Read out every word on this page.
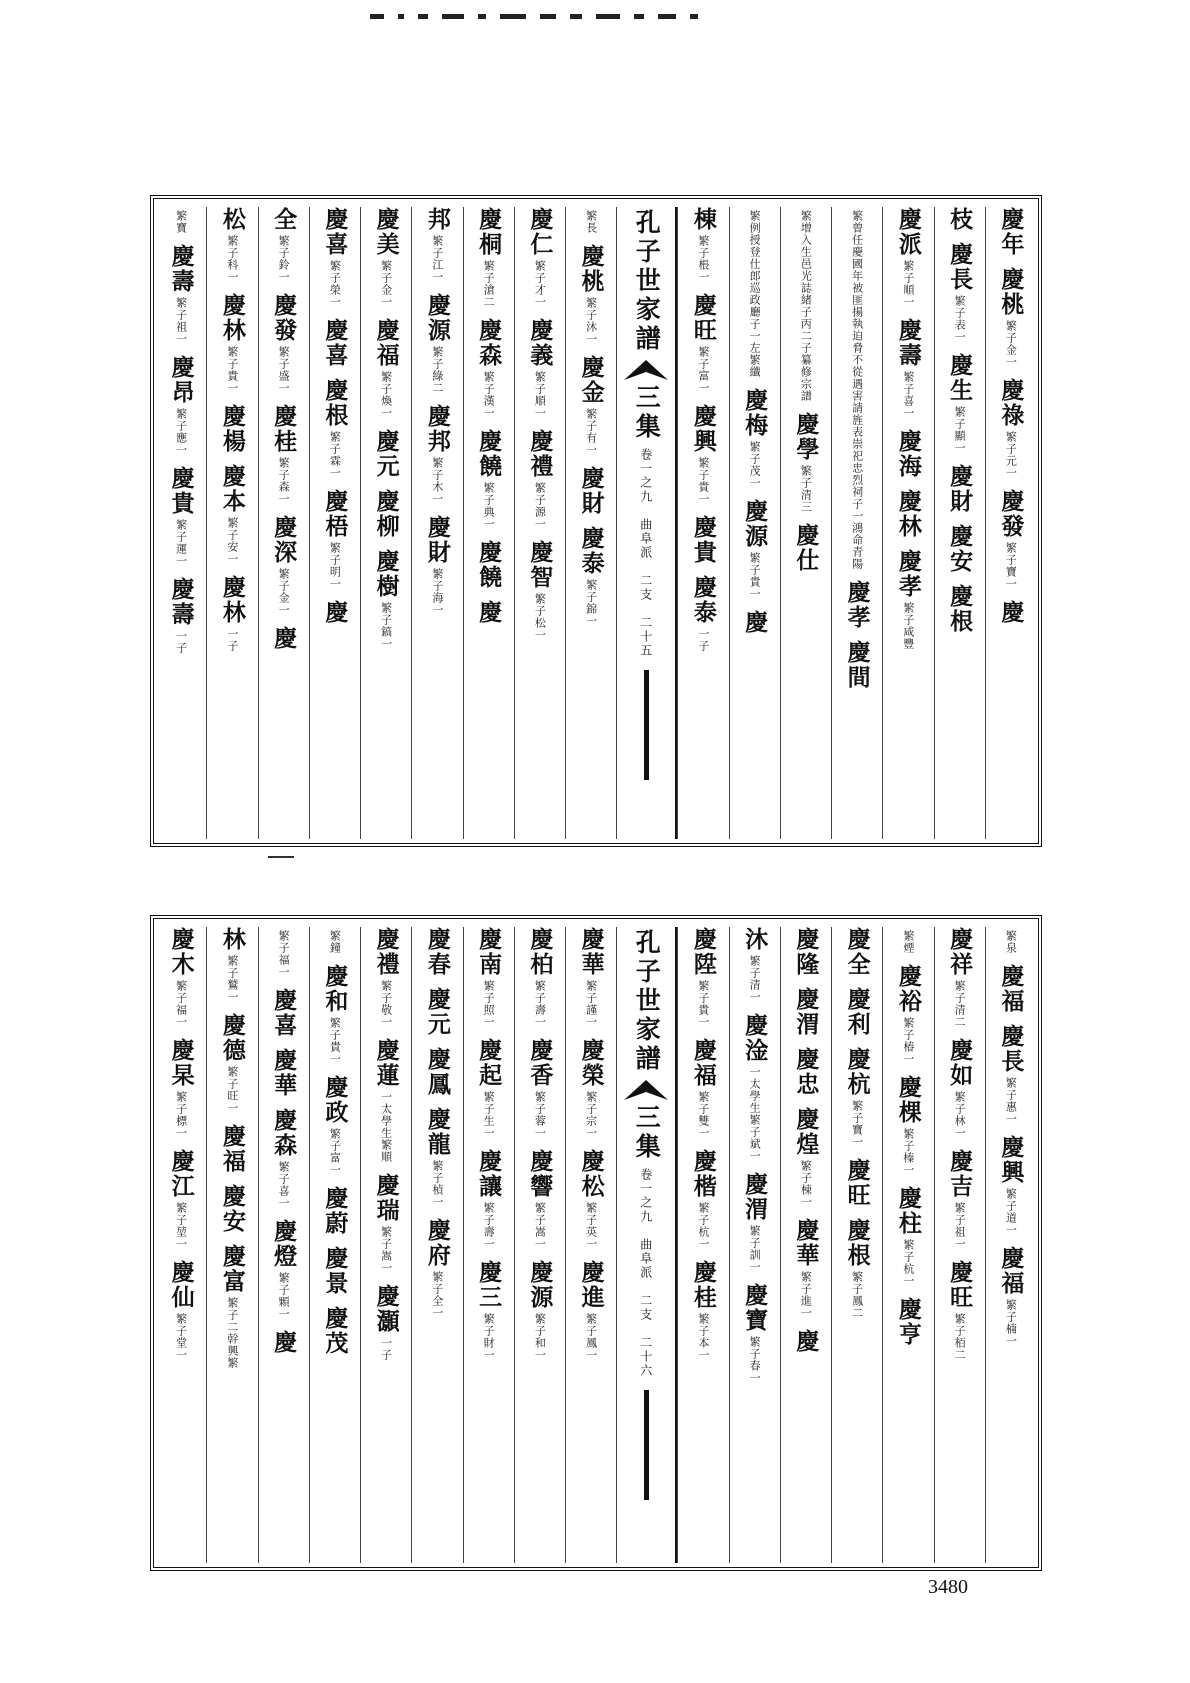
慶年
慶桃
繁子金一
慶祿
繁子元一
慶發
繁子寶一
慶
枝
慶長
繁子表一
慶生
繁子顯一
慶財
慶安
慶根
慶派
繁子順一
慶壽
繁子喜一
慶海
慶林
慶孝
繁子咸豐
繁曾任慶國年被匪揚執迫脅不從遇害請旌表崇祀忠烈祠子一鴻命青陽
慶孝
慶間
繁增入生邑光誌緒子丙二子纂修宗譜
慶學
繁子清三
慶仕
繁例授登仕郎巡政廳子一左繁纖
慶梅
繁子茂一
慶源
繁子貴一
慶
棟
繁子棖一
慶旺
繁子富一
慶興
繁子貴一
慶貴
慶泰
一子
孔子世家譜
三集
卷一之九　曲阜派　二支　二十五
繁長
慶桃
繁子沐一
慶金
繁子有一
慶財
慶泰
繁子錦一
慶仁
繁子才一
慶義
繁子順一
慶禮
繁子源一
慶智
繁子松一
慶桐
繁子滄二
慶森
繁子漢一
慶饒
繁子典一
慶饒
慶
邦
繁子江一
慶源
繁子綠二
慶邦
繁子木一
慶財
繁子海一
慶美
繁子金一
慶福
繁子煥一
慶元
慶柳
慶樹
繁子鎬一
慶喜
繁子榮一
慶喜
慶根
繁子霖一
慶梧
繁子明一
慶
全
繁子鈴一
慶發
繁子盛一
慶桂
繁子森一
慶深
繁子金一
慶
松
繁子科一
慶林
繁子貴一
慶楊
慶本
繁子安一
慶林
一子
繁寶
慶壽
繁子祖一
慶昂
繁子應一
慶貴
繁子運一
慶壽
一子
繁泉
慶福
慶長
繁子惠一
慶興
繁子道一
慶福
繁子楠一
慶祥
繁子清二
慶如
繁子林一
慶吉
繁子祖一
慶旺
繁子栢二
繁煙
慶裕
繁子椿一
慶棵
繁子榛一
慶柱
繁子杭一
慶亨
慶全
慶利
慶杭
繁子寶一
慶旺
慶根
繁子鳳二
慶隆
慶渭
慶忠
慶煌
繁子棟一
慶華
繁子進一
慶
沐
繁子清一
慶淦
一太學生繁子斌一
慶渭
繁子訓一
慶寶
繁子春一
慶陞
繁子貴一
慶福
繁子雙一
慶楷
繁子杭一
慶桂
繁子本一
孔子世家譜
三集
卷一之九　曲阜派　二支　二十六
慶華
繁子謹一
慶榮
繁子宗一
慶松
繁子英一
慶進
繁子鳳一
慶柏
繁子壽一
慶香
繁子蓉一
慶響
繁子嵩一
慶源
繁子和一
慶南
繁子照一
慶起
繁子生一
慶讓
繁子壽一
慶三
繁子財一
慶春
慶元
慶鳳
慶龍
繁子楨一
慶府
繁子全一
慶禮
繁子敬一
慶蓮
一太學生繁順
慶瑞
繁子嵩一
慶灝
一子
繁鐘
慶和
繁子貴一
慶政
繁子富一
慶蔚
慶景
慶茂
繁子福一
慶喜
慶華
慶森
繁子喜一
慶燈
繁子顆一
慶
林
繁子鷲一
慶德
繁子旺一
慶福
慶安
慶富
繁子二幹興繁
慶木
繁子福一
慶杲
繁子標一
慶江
繁子堃一
慶仙
繁子堂一
3480
